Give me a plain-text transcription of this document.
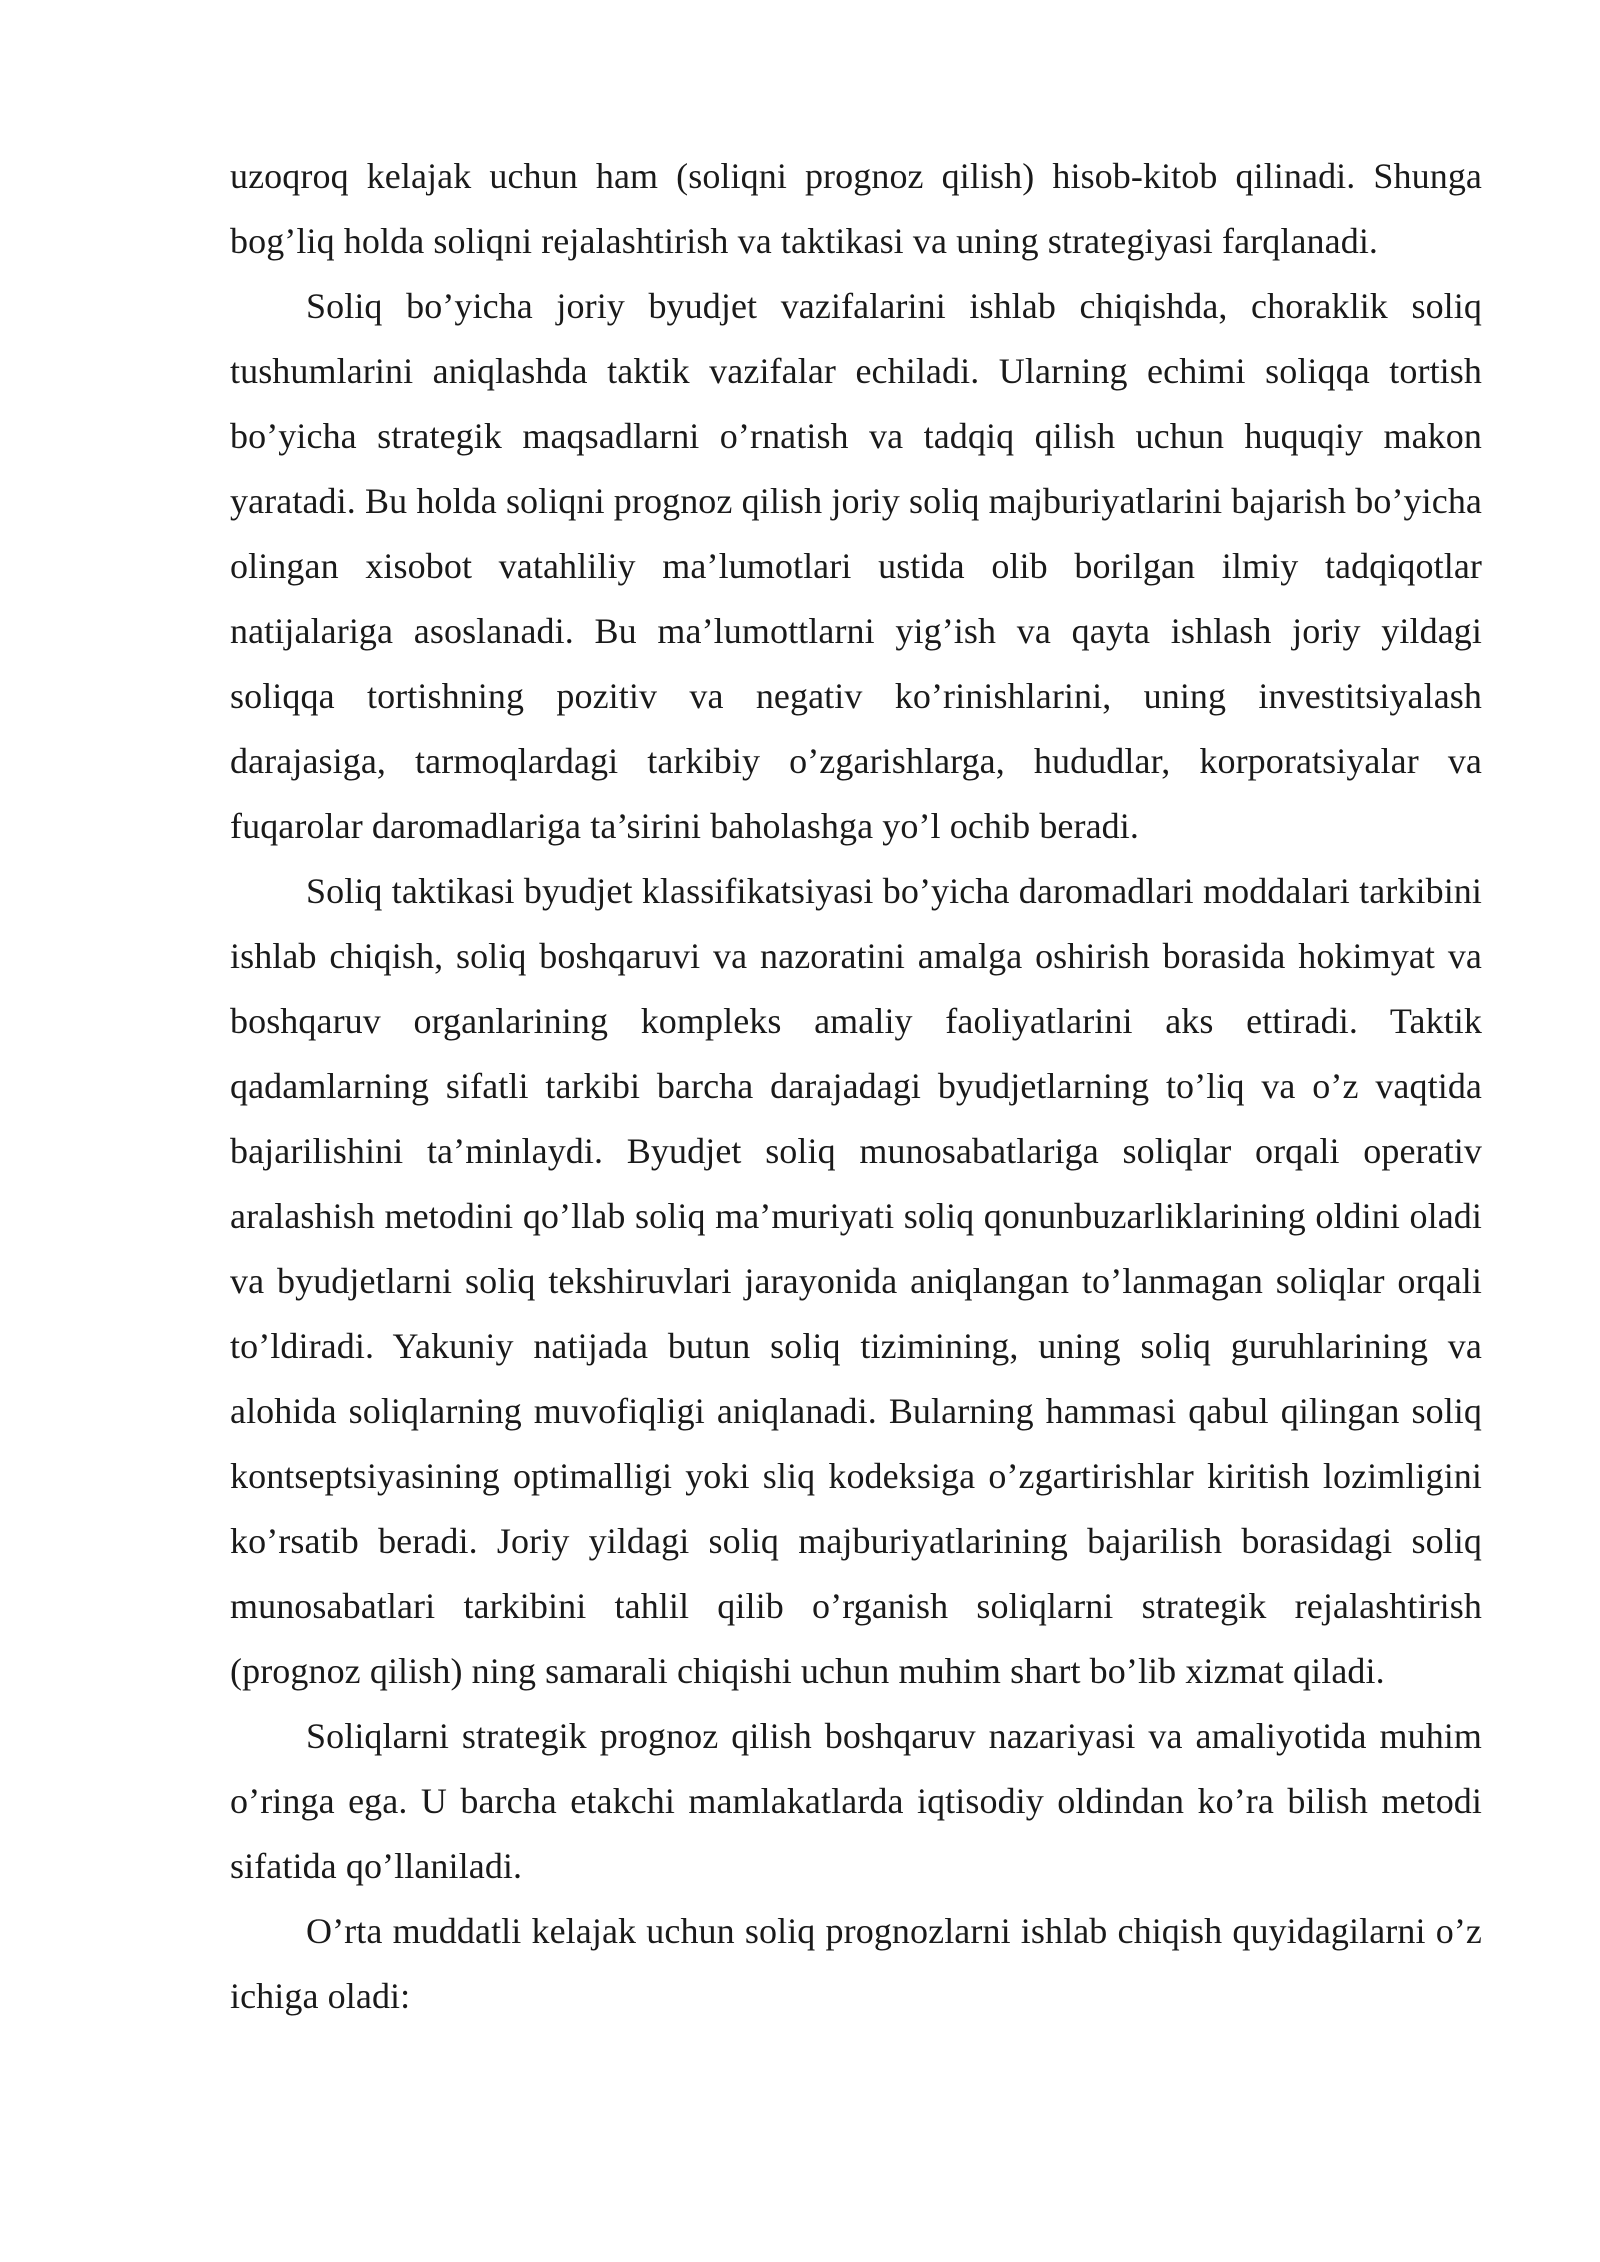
uzoqroq kelajak uchun ham (soliqni prognoz qilish) hisob-kitob qilinadi. Shunga bog’liq holda soliqni rejalashtirish va taktikasi va uning strategiyasi farqlanadi.

Soliq bo’yicha joriy byudjet vazifalarini ishlab chiqishda, choraklik soliq tushumlarini aniqlashda taktik vazifalar echiladi. Ularning echimi soliqqa tortish bo’yicha strategik maqsadlarni o’rnatish va tadqiq qilish uchun huquqiy makon yaratadi. Bu holda soliqni prognoz qilish joriy soliq majburiyatlarini bajarish bo’yicha olingan xisobot vatahliliy ma’lumotlari ustida olib borilgan ilmiy tadqiqotlar natijalariga asoslanadi. Bu ma’lumottlarni yig’ish va qayta ishlash joriy yildagi soliqqa tortishning pozitiv va negativ ko’rinishlarini, uning investitsiyalash darajasiga, tarmoqlardagi tarkibiy o’zgarishlarga, hududlar, korporatsiyalar va fuqarolar daromadlariga ta’sirini baholashga yo’l ochib beradi.

Soliq taktikasi byudjet klassifikatsiyasi bo’yicha daromadlari moddalari tarkibini ishlab chiqish, soliq boshqaruvi va nazoratini amalga oshirish borasida hokimyat va boshqaruv organlarining kompleks amaliy faoliyatlarini aks ettiradi. Taktik qadamlarning sifatli tarkibi barcha darajadagi byudjetlarning to’liq va o’z vaqtida bajarilishini ta’minlaydi. Byudjet soliq munosabatlariga soliqlar orqali operativ aralashish metodini qo’llab soliq ma’muriyati soliq qonunbuzarliklarining oldini oladi va byudjetlarni soliq tekshiruvlari jarayonida aniqlangan to’lanmagan soliqlar orqali to’ldiradi. Yakuniy natijada butun soliq tizimining, uning soliq guruhlarining va alohida soliqlarning muvofiqligi aniqlanadi. Bularning hammasi qabul qilingan soliq kontseptsiyasining optimalligi yoki sliq kodeksiga o’zgartirishlar kiritish lozimligini ko’rsatib beradi. Joriy yildagi soliq majburiyatlarining bajarilish borasidagi soliq munosabatlari tarkibini tahlil qilib o’rganish soliqlarni strategik rejalashtirish (prognoz qilish) ning samarali chiqishi uchun muhim shart bo’lib xizmat qiladi.

Soliqlarni strategik prognoz qilish boshqaruv nazariyasi va amaliyotida muhim o’ringa ega. U barcha etakchi mamlakatlarda iqtisodiy oldindan ko’ra bilish metodi sifatida qo’llaniladi.

O’rta muddatli kelajak uchun soliq prognozlarni ishlab chiqish quyidagilarni o’z ichiga oladi:
